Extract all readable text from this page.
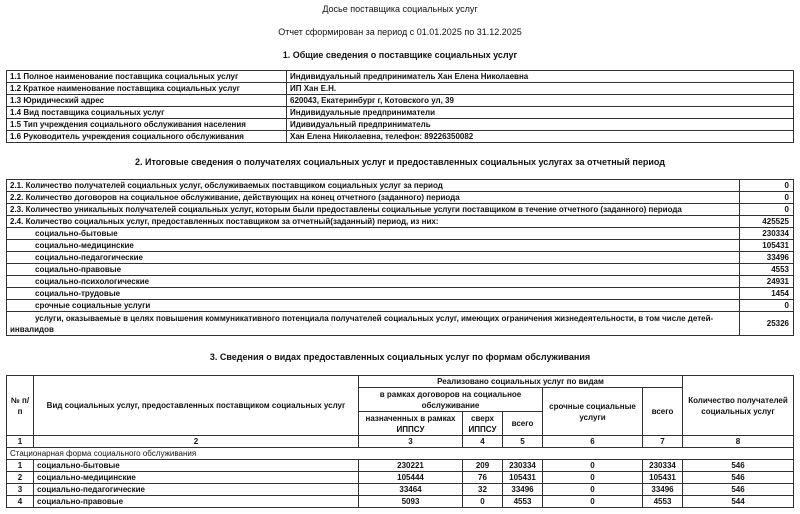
Досье поставщика социальных услуг
Отчет сформирован за период с 01.01.2025 по 31.12.2025
1. Общие сведения о поставщике социальных услуг
1.1 Полное наименование поставщика социальных услуг	Индивидуальный предприниматель Хан Елена Николаевна
1.2 Краткое наименование поставщика социальных услуг	ИП Хан Е.Н.
1.3 Юридический адрес	620043, Екатеринбург г, Котовского ул, 39
1.4 Вид поставщика социальных услуг	Индивидуальные предприниматели
1.5 Тип учреждения социального обслуживания населения	Идивидуальный предприниматель
1.6 Руководитель учреждения социального обслуживания	Хан Елена Николаевна, телефон: 89226350082
2. Итоговые сведения о получателях социальных услуг и предоставленных социальных услугах за отчетный период
2.1. Количество получателей социальных услуг, обслуживаемых поставщиком социальных услуг за период	0
2.2. Количество договоров на социальное обслуживание, действующих на конец отчетного (заданного) периода	0
2.3. Количество уникальных получателей социальных услуг, которым были предоставлены социальные услуги поставщиком в течение отчетного (заданного) периода	0
2.4. Количество социальных услуг, предоставленных поставщиком за отчетный(заданный) период, из них:	425525
социально-бытовые	230334
социально-медицинские	105431
социально-педагогические	33496
социально-правовые	4553
социально-психологические	24931
социально-трудовые	1454
срочные социальные услуги	0
услуги, оказываемые в целях повышения коммуникативного потенциала получателей социальных услуг, имеющих ограничения жизнедеятельности, в том числе детей-инвалидов	25326
3. Сведения о видах предоставленных социальных услуг по формам обслуживания
№ п/п	Вид социальных услуг, предоставленных поставщиком социальных услуг	Реализовано социальных услуг по видам					Количество получателей социальных услуг
		в рамках договоров на социальное обслуживание			срочные социальные услуги	всего	
		назначенных в рамках ИППСУ	сверх ИППСУ	всего			
1	2	3	4	5	6	7	8
Стационарная форма социального обслуживания							
1	социально-бытовые	230221	209	230334	0	230334	546
2	социально-медицинские	105444	76	105431	0	105431	546
3	социально-педагогические	33464	32	33496	0	33496	546
4	социально-правовые	5093	0	4553	0	4553	544
